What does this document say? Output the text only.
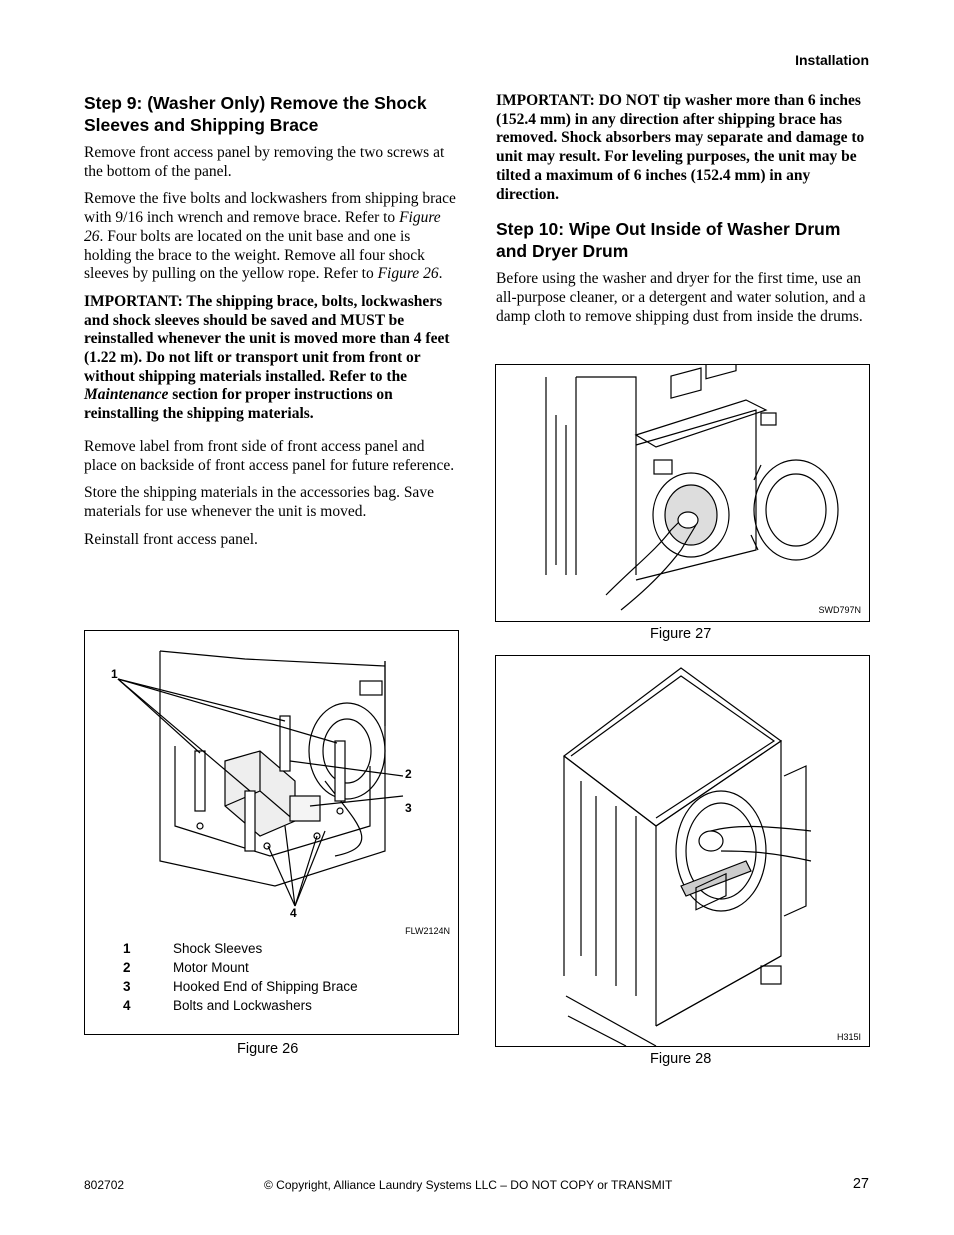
Installation
Step 9: (Washer Only) Remove the Shock Sleeves and Shipping Brace

Remove front access panel by removing the two screws at the bottom of the panel.

Remove the five bolts and lockwashers from shipping brace with 9/16 inch wrench and remove brace. Refer to Figure 26. Four bolts are located on the unit base and one is holding the brace to the weight. Remove all four shock sleeves by pulling on the yellow rope. Refer to Figure 26.

IMPORTANT: The shipping brace, bolts, lockwashers and shock sleeves should be saved and MUST be reinstalled whenever the unit is moved more than 4 feet (1.22 m). Do not lift or transport unit from front or without shipping materials installed. Refer to the Maintenance section for proper instructions on reinstalling the shipping materials.

Remove label from front side of front access panel and place on backside of front access panel for future reference.

Store the shipping materials in the accessories bag. Save materials for use whenever the unit is moved.

Reinstall front access panel.

1
2
3
4
FLW2124N
1	Shock Sleeves
2	Motor Mount
3	Hooked End of Shipping Brace
4	Bolts and Lockwashers
Figure 26

IMPORTANT: DO NOT tip washer more than 6 inches (152.4 mm) in any direction after shipping brace has removed. Shock absorbers may separate and damage to unit may result. For leveling purposes, the unit may be tilted a maximum of 6 inches (152.4 mm) in any direction.

Step 10: Wipe Out Inside of Washer Drum and Dryer Drum

Before using the washer and dryer for the first time, use an all-purpose cleaner, or a detergent and water solution, and a damp cloth to remove shipping dust from inside the drums.

SWD797N
Figure 27
H315I
Figure 28
802702	© Copyright, Alliance Laundry Systems LLC – DO NOT COPY or TRANSMIT	27
